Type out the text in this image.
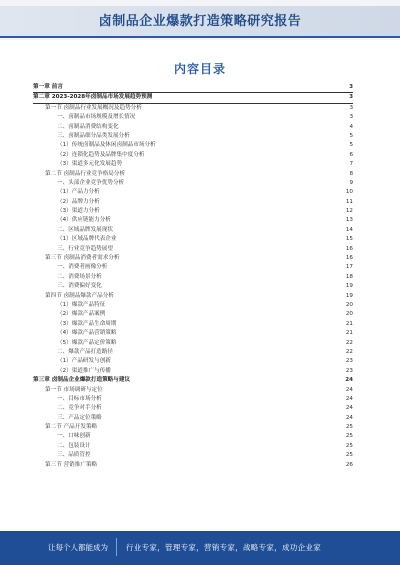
卤制品企业爆款打造策略研究报告
内容目录
第一章 前言	3
第二章 2023-2028年卤制品市场发展趋势预测	3
第一节 卤制品行业发展概况及趋势分析	3
一、卤制品市场规模及增长情况	3
二、卤制品消费结构变化	4
三、卤制品细分品类发展分析	5
（1）传统卤制品及休闲卤制品市场分析	5
（2）连锁化趋势及品牌集中度分析	6
（3）渠道多元化发展趋势	7
第二节 卤制品行业竞争格局分析	8
一、头部企业竞争优势分析	9
（1）产品力分析	10
（2）品牌力分析	11
（3）渠道力分析	12
（4）供应链能力分析	13
二、区域品牌发展现状	14
（1）区域品牌代表企业	15
三、行业竞争趋势展望	16
第三节 卤制品消费者需求分析	16
一、消费者画像分析	17
二、消费场景分析	18
三、消费偏好变化	19
第四节 卤制品爆款产品分析	19
（1）爆款产品特征	20
（2）爆款产品案例	20
（3）爆款产品生命周期	21
（4）爆款产品营销策略	21
（5）爆款产品定价策略	22
二、爆款产品打造路径	22
（1）产品研发与创新	23
（2）渠道推广与传播	23
第三章 卤制品企业爆款打造策略与建议	24
第一节 市场调研与定位	24
一、目标市场分析	24
二、竞争对手分析	24
三、产品定位策略	24
第二节 产品开发策略	25
一、口味创新	25
二、包装设计	25
三、品质管控	25
第三节 营销推广策略	26
让每个人都能成为 行业专家，管理专家，营销专家，战略专家，成功企业家
